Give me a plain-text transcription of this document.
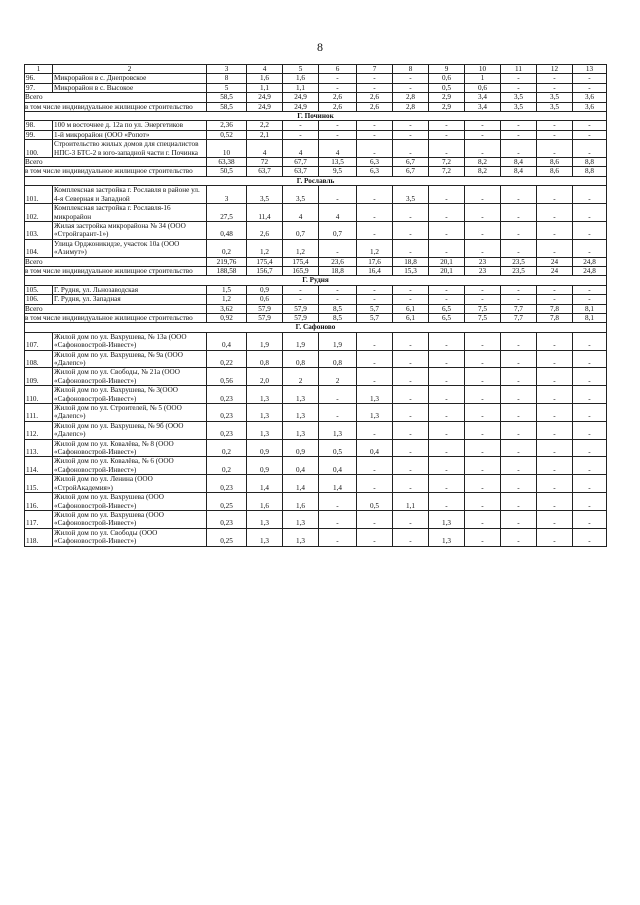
8
1	2	3	4	5	6	7	8	9	10	11	12	13
96.	Микрорайон в с. Днепровское	8	1,6	1,6	-	-	-	0,6	1	-	-	-
97.	Микрорайон в с. Высокое	5	1,1	1,1	-	-	-	0,5	0,6	-	-	-
Всего		58,5	24,9	24,9	2,6	2,6	2,8	2,9	3,4	3,5	3,5	3,6
в том числе индивидуальное жилищное строительство		58,5	24,9	24,9	2,6	2,6	2,8	2,9	3,4	3,5	3,5	3,6
Г. Починок												
98.	100 м восточнее д. 12а по ул. Энергетиков	2,36	2,2	-	-	-	-	-	-	-	-	-
99.	1-й микрорайон (ООО «Ропот»	0,52	2,1	-	-	-	-	-	-	-	-	-
100.	Строительство жилых домов для специалистов НПС-3 БТС-2 в юго-западной части г. Починка	10	4	4	4	-	-	-	-	-	-	-
Всего		63,38	72	67,7	13,5	6,3	6,7	7,2	8,2	8,4	8,6	8,8
в том числе индивидуальное жилищное строительство		50,5	63,7	63,7	9,5	6,3	6,7	7,2	8,2	8,4	8,6	8,8
Г. Рославль												
101.	Комплексная застройка г. Рославля в районе ул. 4-я Северная и Западной	3	3,5	3,5	-	-	3,5	-	-	-	-	-
102.	Комплексная застройка г. Рославля-16 микрорайон	27,5	11,4	4	4	-	-	-	-	-	-	-
103.	Жилая застройка микрорайона № 34 (ООО «Стройгарант-1»)	0,48	2,6	0,7	0,7	-	-	-	-	-	-	-
104.	Улица Орджоникидзе, участок 10а (ООО «Азимут»)	0,2	1,2	1,2	-	1,2	-	-	-	-	-	-
Всего		219,76	175,4	175,4	23,6	17,6	18,8	20,1	23	23,5	24	24,8
в том числе индивидуальное жилищное строительство		188,58	156,7	165,9	18,8	16,4	15,3	20,1	23	23,5	24	24,8
Г. Рудня												
105.	Г. Рудня, ул. Льнозаводская	1,5	0,9	-	-	-	-	-	-	-	-	-
106.	Г. Рудня, ул. Западная	1,2	0,6	-	-	-	-	-	-	-	-	-
Всего		3,62	57,9	57,9	8,5	5,7	6,1	6,5	7,5	7,7	7,8	8,1
в том числе индивидуальное жилищное строительство		0,92	57,9	57,9	8,5	5,7	6,1	6,5	7,5	7,7	7,8	8,1
Г. Сафоново												
107.	Жилой дом по ул. Вахрушева, № 13а (ООО «Сафоновострой-Инвест»)	0,4	1,9	1,9	1,9	-	-	-	-	-	-	-
108.	Жилой дом по ул. Вахрушева, № 9а (ООО «Далепс»)	0,22	0,8	0,8	0,8	-	-	-	-	-	-	-
109.	Жилой дом по ул. Свободы, № 21а (ООО «Сафоновострой-Инвест»)	0,56	2,0	2	2	-	-	-	-	-	-	-
110.	Жилой дом по ул. Вахрушева, № 3(ООО «Сафоновострой-Инвест»)	0,23	1,3	1,3	-	1,3	-	-	-	-	-	-
111.	Жилой дом по ул. Строителей, № 5 (ООО «Далепс»)	0,23	1,3	1,3	-	1,3	-	-	-	-	-	-
112.	Жилой дом по ул. Вахрушева, № 9б (ООО «Далепс»)	0,23	1,3	1,3	1,3	-	-	-	-	-	-	-
113.	Жилой дом по ул. Ковалёва, № 8 (ООО «Сафоновострой-Инвест»)	0,2	0,9	0,9	0,5	0,4	-	-	-	-	-	-
114.	Жилой дом по ул. Ковалёва, № 6 (ООО «Сафоновострой-Инвест»)	0,2	0,9	0,4	0,4	-	-	-	-	-	-	-
115.	Жилой дом по ул. Ленина (ООО «СтройАкадемия»)	0,23	1,4	1,4	1,4	-	-	-	-	-	-	-
116.	Жилой дом по ул. Вахрушева (ООО «Сафоновострой-Инвест»)	0,25	1,6	1,6	-	0,5	1,1	-	-	-	-	-
117.	Жилой дом по ул. Вахрушева (ООО «Сафоновострой-Инвест»)	0,23	1,3	1,3	-	-	-	1,3	-	-	-	-
118.	Жилой дом по ул. Свободы (ООО «Сафоновострой-Инвест»)	0,25	1,3	1,3	-	-	-	1,3	-	-	-	-
